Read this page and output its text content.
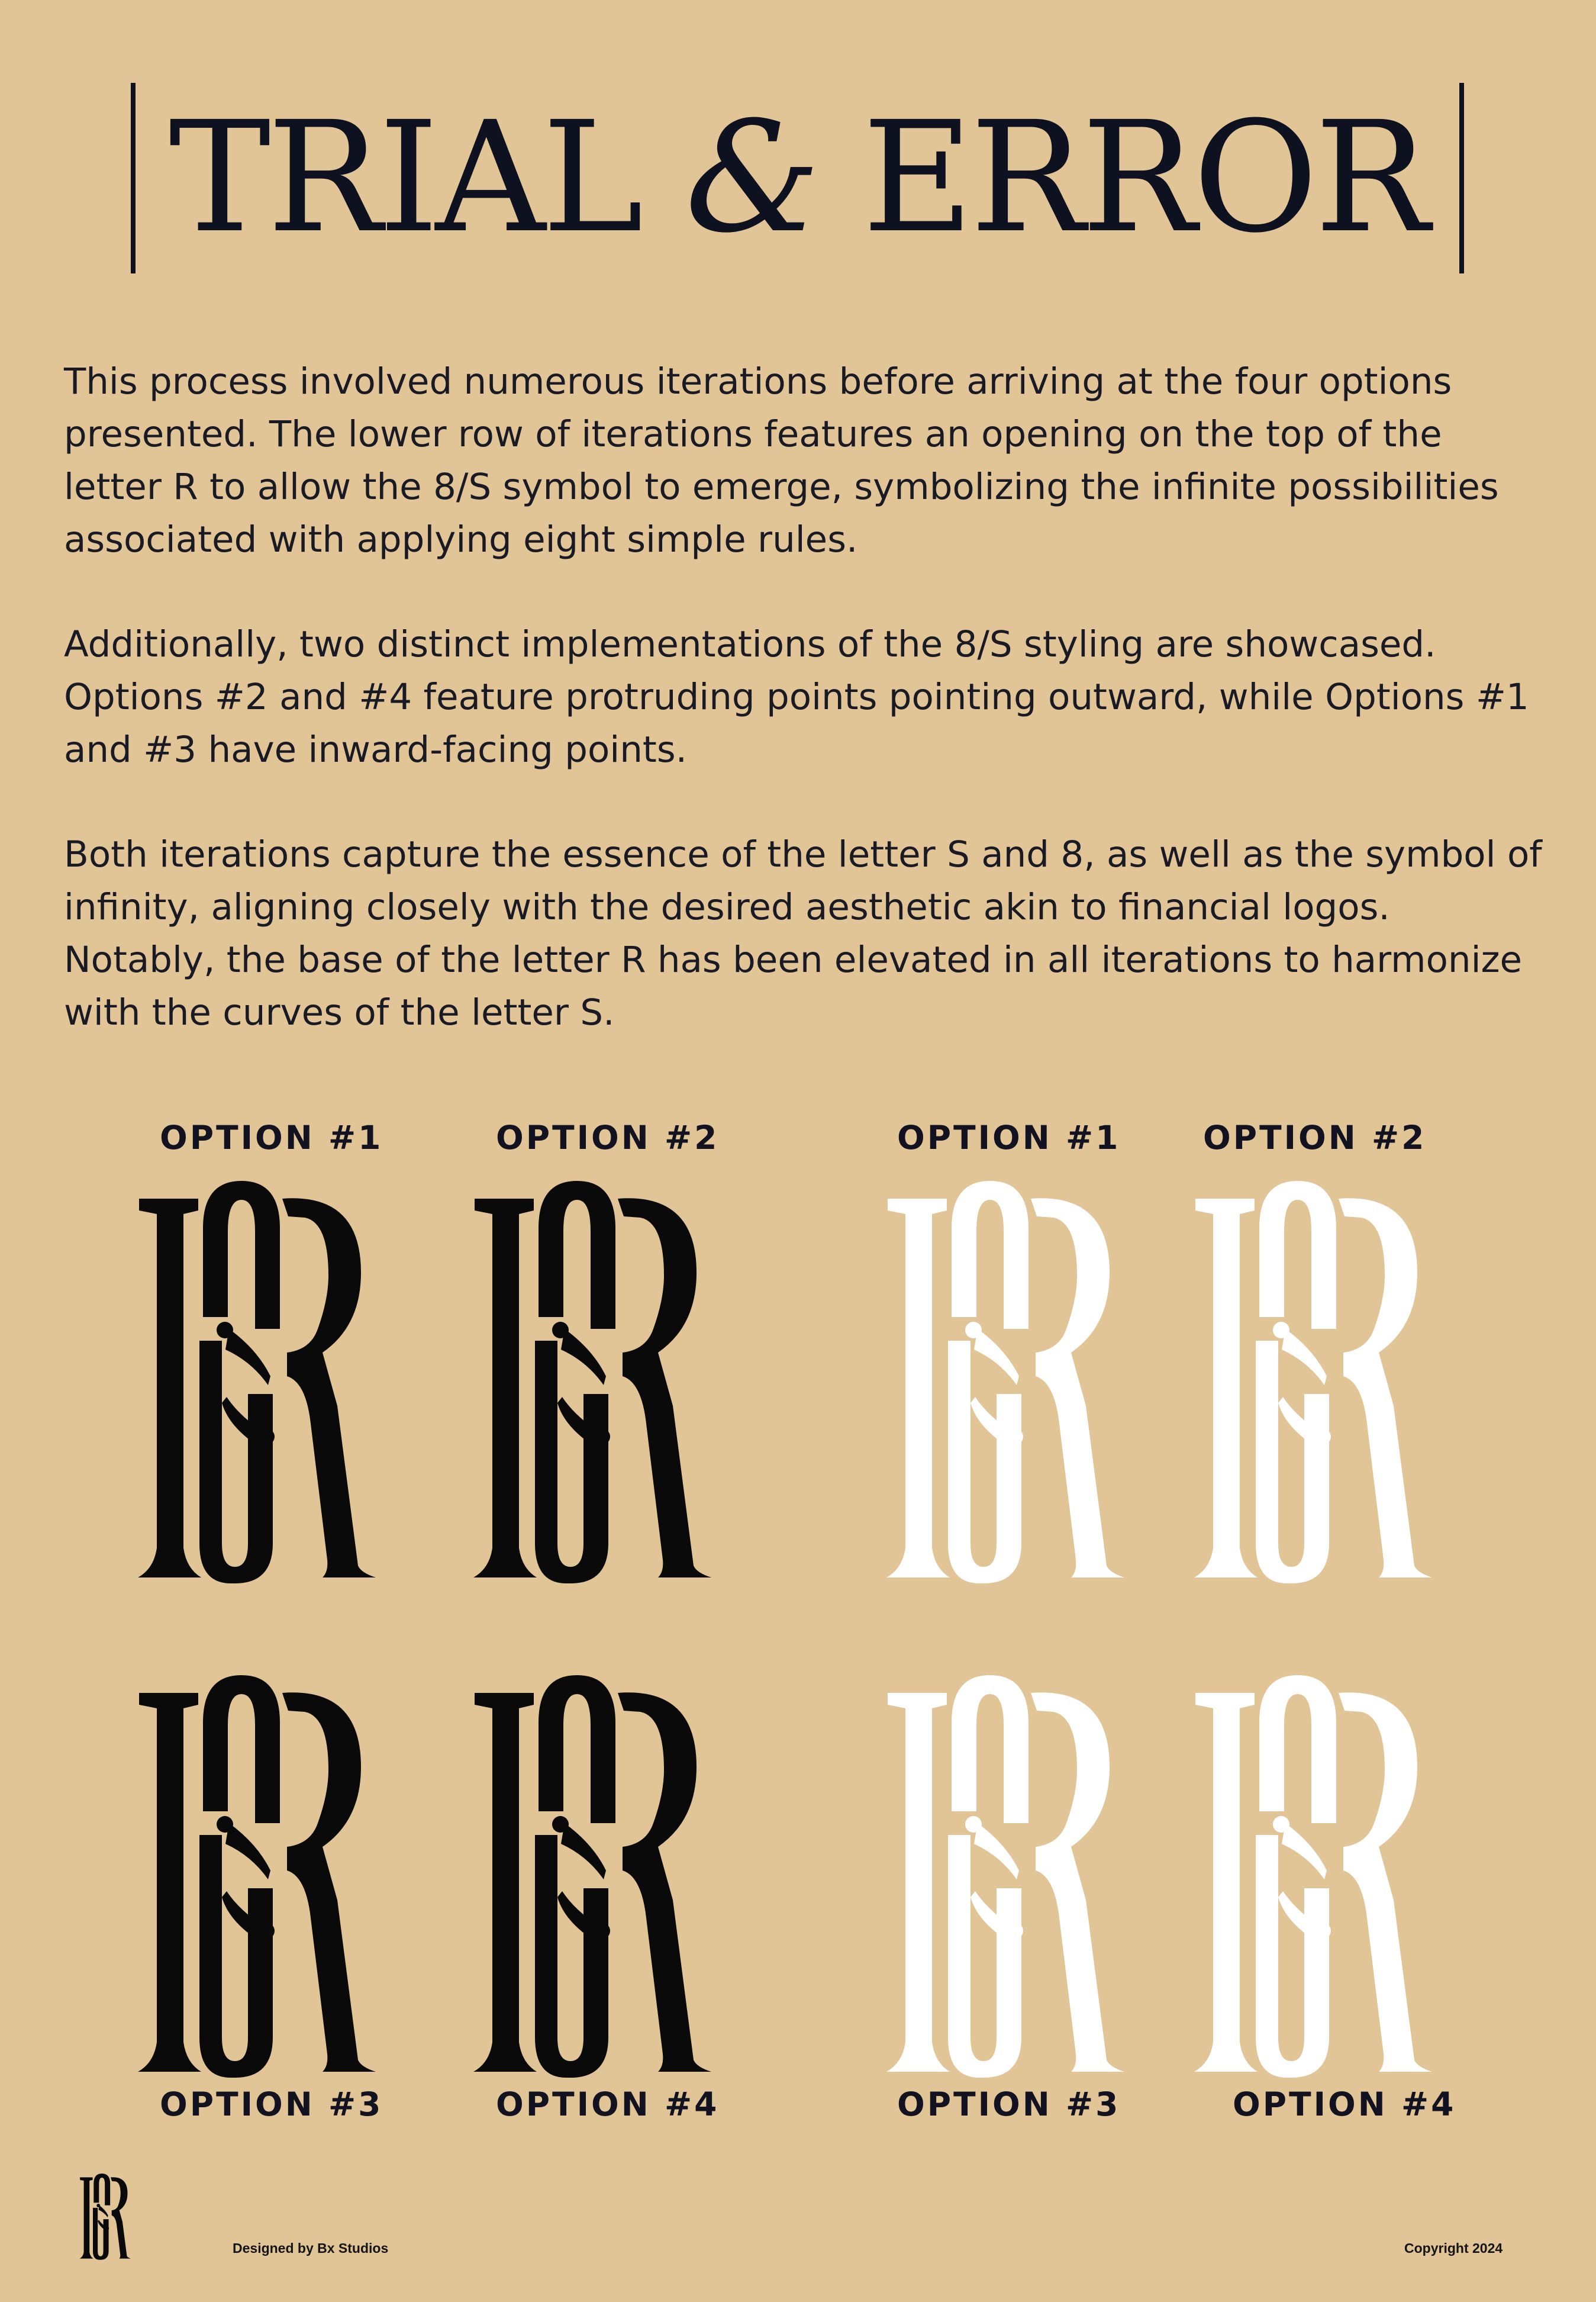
TRIAL & ERROR

This process involved numerous iterations before arriving at the four options presented. The lower row of iterations features an opening on the top of the letter R to allow the 8/S symbol to emerge, symbolizing the infinite possibilities associated with applying eight simple rules.

Additionally, two distinct implementations of the 8/S styling are showcased. Options #2 and #4 feature protruding points pointing outward, while Options #1 and #3 have inward-facing points.

Both iterations capture the essence of the letter S and 8, as well as the symbol of infinity, aligning closely with the desired aesthetic akin to financial logos. Notably, the base of the letter R has been elevated in all iterations to harmonize with the curves of the letter S.

OPTION #1	OPTION #2	OPTION #1	OPTION #2
OPTION #3	OPTION #4	OPTION #3	OPTION #4
Designed by Bx Studios	Copyright 2024
